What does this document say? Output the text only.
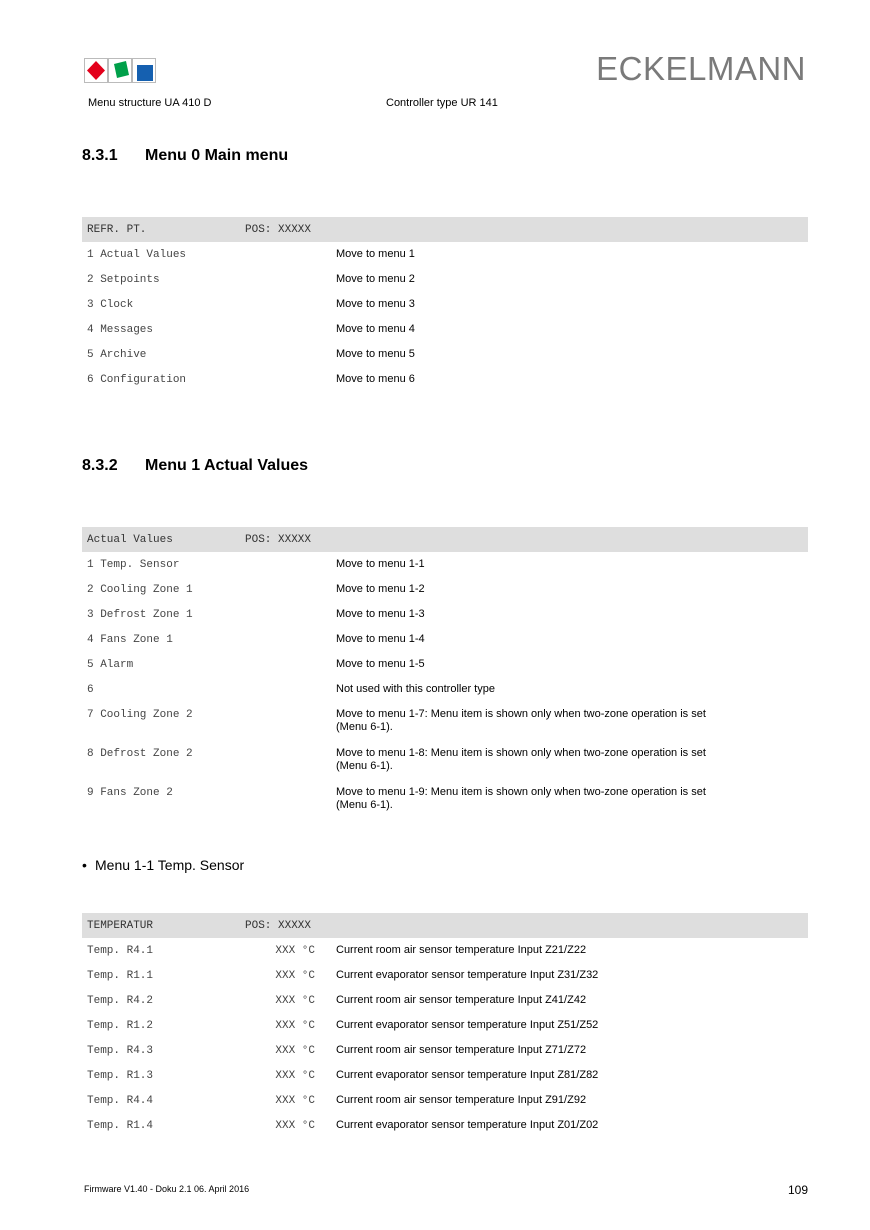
ECKELMANN
Menu structure UA 410 D	Controller type UR 141
8.3.1 Menu 0 Main menu
REFR. PT.	POS: XXXXX
1 Actual Values	Move to menu 1
2 Setpoints	Move to menu 2
3 Clock	Move to menu 3
4 Messages	Move to menu 4
5 Archive	Move to menu 5
6 Configuration	Move to menu 6
8.3.2 Menu 1 Actual Values
Actual Values	POS: XXXXX
1 Temp. Sensor	Move to menu 1-1
2 Cooling Zone 1	Move to menu 1-2
3 Defrost Zone 1	Move to menu 1-3
4 Fans Zone 1	Move to menu 1-4
5 Alarm	Move to menu 1-5
6	Not used with this controller type
7 Cooling Zone 2	Move to menu 1-7: Menu item is shown only when two-zone operation is set (Menu 6-1).
8 Defrost Zone 2	Move to menu 1-8: Menu item is shown only when two-zone operation is set (Menu 6-1).
9 Fans Zone 2	Move to menu 1-9: Menu item is shown only when two-zone operation is set (Menu 6-1).
• Menu 1-1 Temp. Sensor
TEMPERATUR	POS: XXXXX
Temp. R4.1	XXX °C Current room air sensor temperature Input Z21/Z22
Temp. R1.1	XXX °C Current evaporator sensor temperature Input Z31/Z32
Temp. R4.2	XXX °C Current room air sensor temperature Input Z41/Z42
Temp. R1.2	XXX °C Current evaporator sensor temperature Input Z51/Z52
Temp. R4.3	XXX °C Current room air sensor temperature Input Z71/Z72
Temp. R1.3	XXX °C Current evaporator sensor temperature Input Z81/Z82
Temp. R4.4	XXX °C Current room air sensor temperature Input Z91/Z92
Temp. R1.4	XXX °C Current evaporator sensor temperature Input Z01/Z02
Firmware V1.40 - Doku 2.1 06. April 2016	109
